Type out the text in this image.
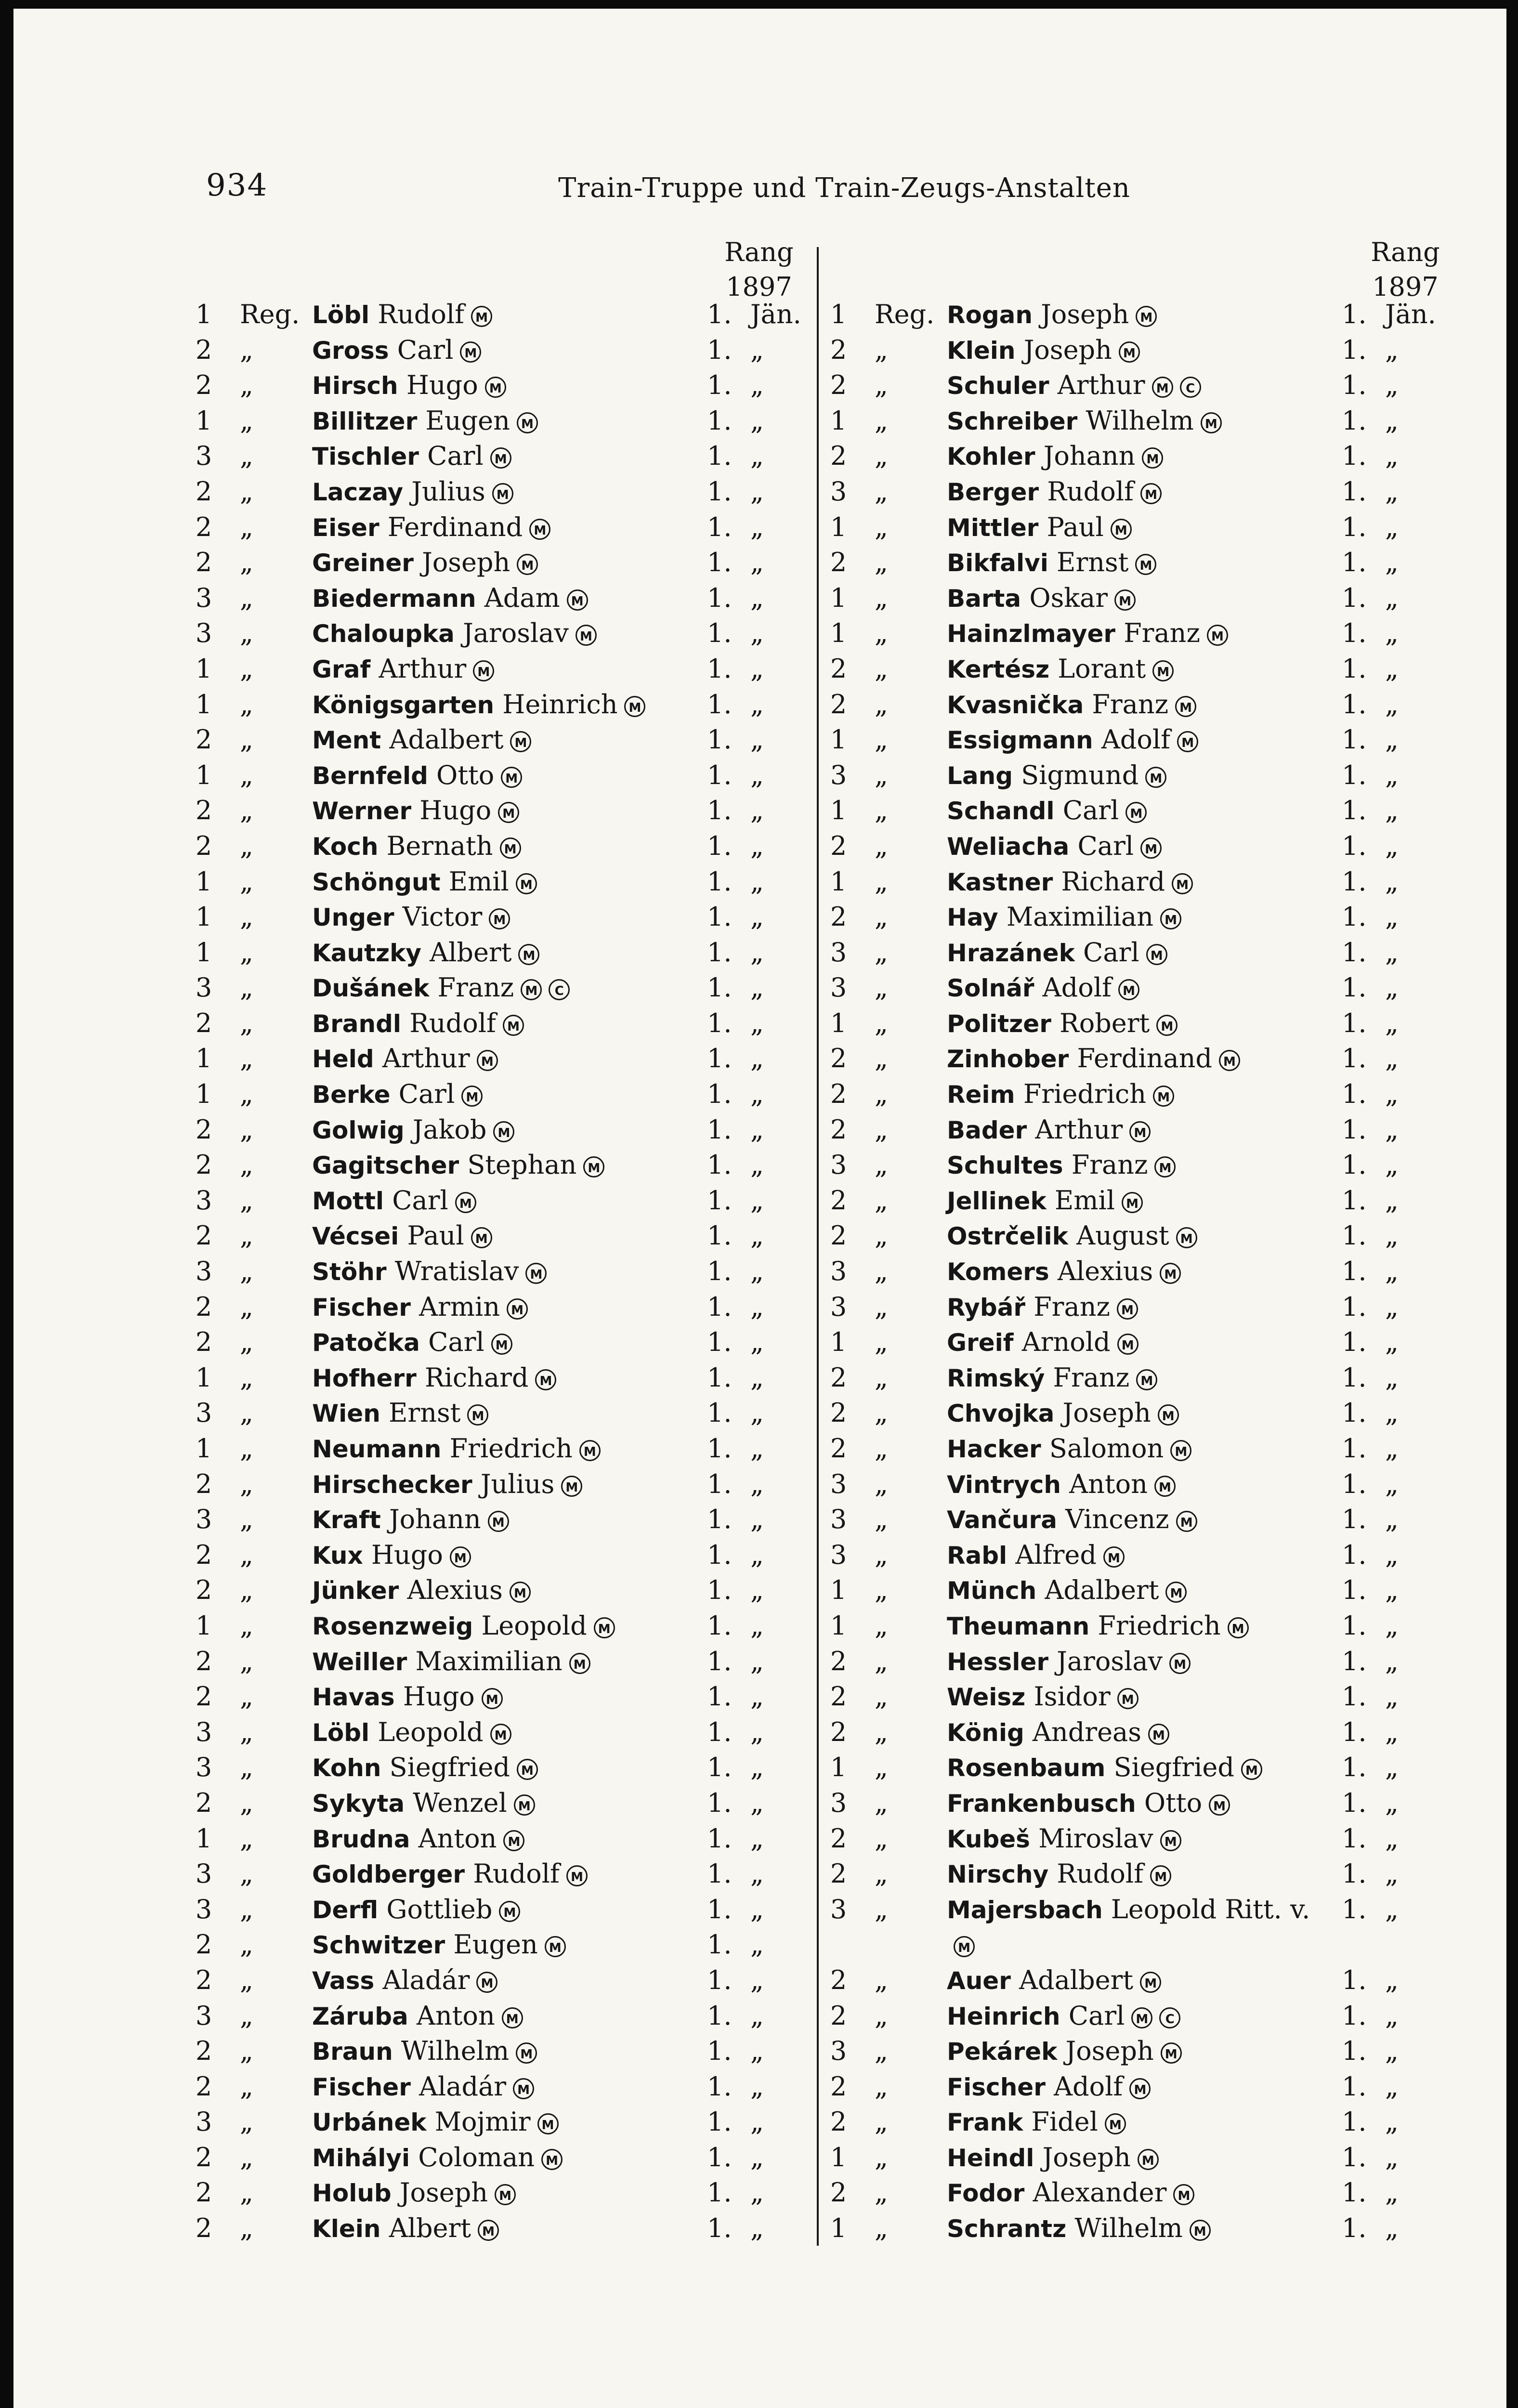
934	Train-Truppe und Train-Zeugs-Anstalten
Rang
1897
Rang
1897
1 Reg. Löbl Rudolf M	1. Jän.
2 „ Gross Carl M	1. „
2 „ Hirsch Hugo M	1. „
1 „ Billitzer Eugen M	1. „
3 „ Tischler Carl M	1. „
2 „ Laczay Julius M	1. „
2 „ Eiser Ferdinand M	1. „
2 „ Greiner Joseph M	1. „
3 „ Biedermann Adam M	1. „
3 „ Chaloupka Jaroslav M	1. „
1 „ Graf Arthur M	1. „
1 „ Königsgarten Heinrich M	1. „
2 „ Ment Adalbert M	1. „
1 „ Bernfeld Otto M	1. „
2 „ Werner Hugo M	1. „
2 „ Koch Bernath M	1. „
1 „ Schöngut Emil M	1. „
1 „ Unger Victor M	1. „
1 „ Kautzky Albert M	1. „
3 „ Dušánek Franz M C	1. „
2 „ Brandl Rudolf M	1. „
1 „ Held Arthur M	1. „
1 „ Berke Carl M	1. „
2 „ Golwig Jakob M	1. „
2 „ Gagitscher Stephan M	1. „
3 „ Mottl Carl M	1. „
2 „ Vécsei Paul M	1. „
3 „ Stöhr Wratislav M	1. „
2 „ Fischer Armin M	1. „
2 „ Patočka Carl M	1. „
1 „ Hofherr Richard M	1. „
3 „ Wien Ernst M	1. „
1 „ Neumann Friedrich M	1. „
2 „ Hirschecker Julius M	1. „
3 „ Kraft Johann M	1. „
2 „ Kux Hugo M	1. „
2 „ Jünker Alexius M	1. „
1 „ Rosenzweig Leopold M	1. „
2 „ Weiller Maximilian M	1. „
2 „ Havas Hugo M	1. „
3 „ Löbl Leopold M	1. „
3 „ Kohn Siegfried M	1. „
2 „ Sykyta Wenzel M	1. „
1 „ Brudna Anton M	1. „
3 „ Goldberger Rudolf M	1. „
3 „ Derfl Gottlieb M	1. „
2 „ Schwitzer Eugen M	1. „
2 „ Vass Aladár M	1. „
3 „ Záruba Anton M	1. „
2 „ Braun Wilhelm M	1. „
2 „ Fischer Aladár M	1. „
3 „ Urbánek Mojmir M	1. „
2 „ Mihályi Coloman M	1. „
2 „ Holub Joseph M	1. „
2 „ Klein Albert M	1. „
1 Reg. Rogan Joseph M	1. Jän.
2 „ Klein Joseph M	1. „
2 „ Schuler Arthur M C	1. „
1 „ Schreiber Wilhelm M	1. „
2 „ Kohler Johann M	1. „
3 „ Berger Rudolf M	1. „
1 „ Mittler Paul M	1. „
2 „ Bikfalvi Ernst M	1. „
1 „ Barta Oskar M	1. „
1 „ Hainzlmayer Franz M	1. „
2 „ Kertész Lorant M	1. „
2 „ Kvasnička Franz M	1. „
1 „ Essigmann Adolf M	1. „
3 „ Lang Sigmund M	1. „
1 „ Schandl Carl M	1. „
2 „ Weliacha Carl M	1. „
1 „ Kastner Richard M	1. „
2 „ Hay Maximilian M	1. „
3 „ Hrazánek Carl M	1. „
3 „ Solnář Adolf M	1. „
1 „ Politzer Robert M	1. „
2 „ Zinhober Ferdinand M	1. „
2 „ Reim Friedrich M	1. „
2 „ Bader Arthur M	1. „
3 „ Schultes Franz M	1. „
2 „ Jellinek Emil M	1. „
2 „ Ostrčelik August M	1. „
3 „ Komers Alexius M	1. „
3 „ Rybář Franz M	1. „
1 „ Greif Arnold M	1. „
2 „ Rimský Franz M	1. „
2 „ Chvojka Joseph M	1. „
2 „ Hacker Salomon M	1. „
3 „ Vintrych Anton M	1. „
3 „ Vančura Vincenz M	1. „
3 „ Rabl Alfred M	1. „
1 „ Münch Adalbert M	1. „
1 „ Theumann Friedrich M	1. „
2 „ Hessler Jaroslav M	1. „
2 „ Weisz Isidor M	1. „
2 „ König Andreas M	1. „
1 „ Rosenbaum Siegfried M	1. „
3 „ Frankenbusch Otto M	1. „
2 „ Kubeš Miroslav M	1. „
2 „ Nirschy Rudolf M	1. „
3 „ Majersbach Leopold Ritt. v. 1. „
M
2 „ Auer Adalbert M	1. „
2 „ Heinrich Carl M C	1. „
3 „ Pekárek Joseph M	1. „
2 „ Fischer Adolf M	1. „
2 „ Frank Fidel M	1. „
1 „ Heindl Joseph M	1. „
2 „ Fodor Alexander M	1. „
1 „ Schrantz Wilhelm M	1. „
